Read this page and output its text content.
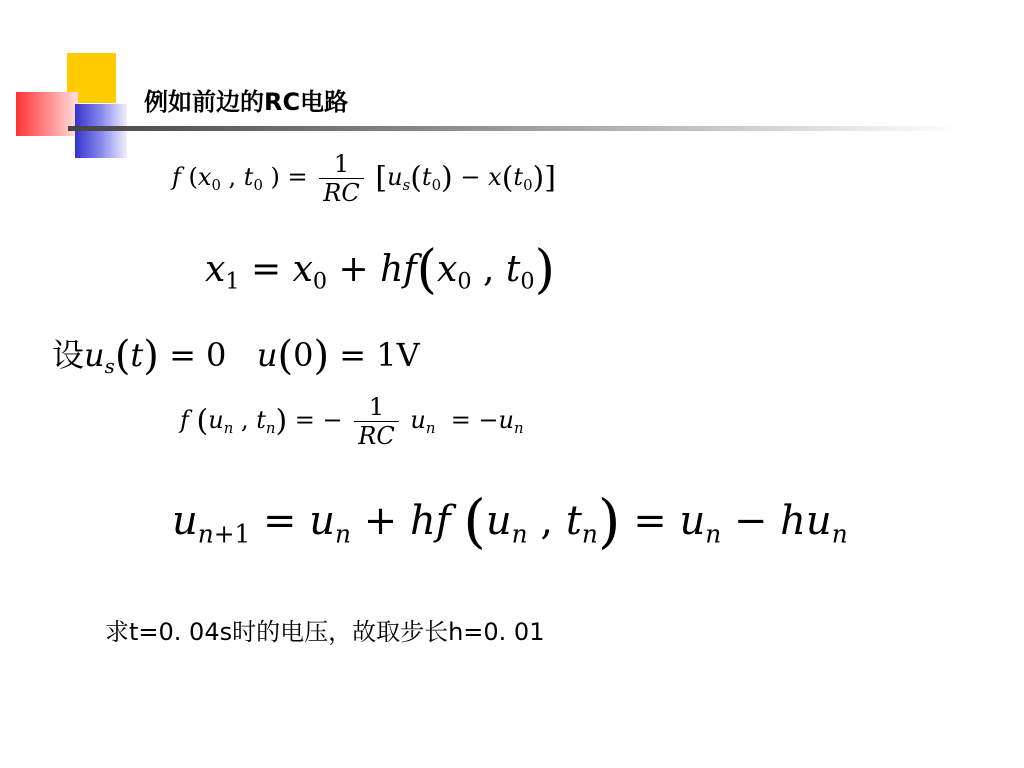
例如前边的RC电路
f ($x_0$ , $t_0$ ) = $\frac{1}{RC} [u_s(t_0) - x(t_0)]$
$x_1 = x_0 + hf(x_0$ , $t_0$)
设$u_s(t) = 0$   u(0) = 1V
f ($u_n$ , $t_n$) = − $\frac{1}{RC} u_n = -u_n$
$u_{n+1} = u_n$ + hf ($u_n$ , $t_n) = u_n - hu_n$
求t=0. 04s时的电压，故取步长h=0. 01
